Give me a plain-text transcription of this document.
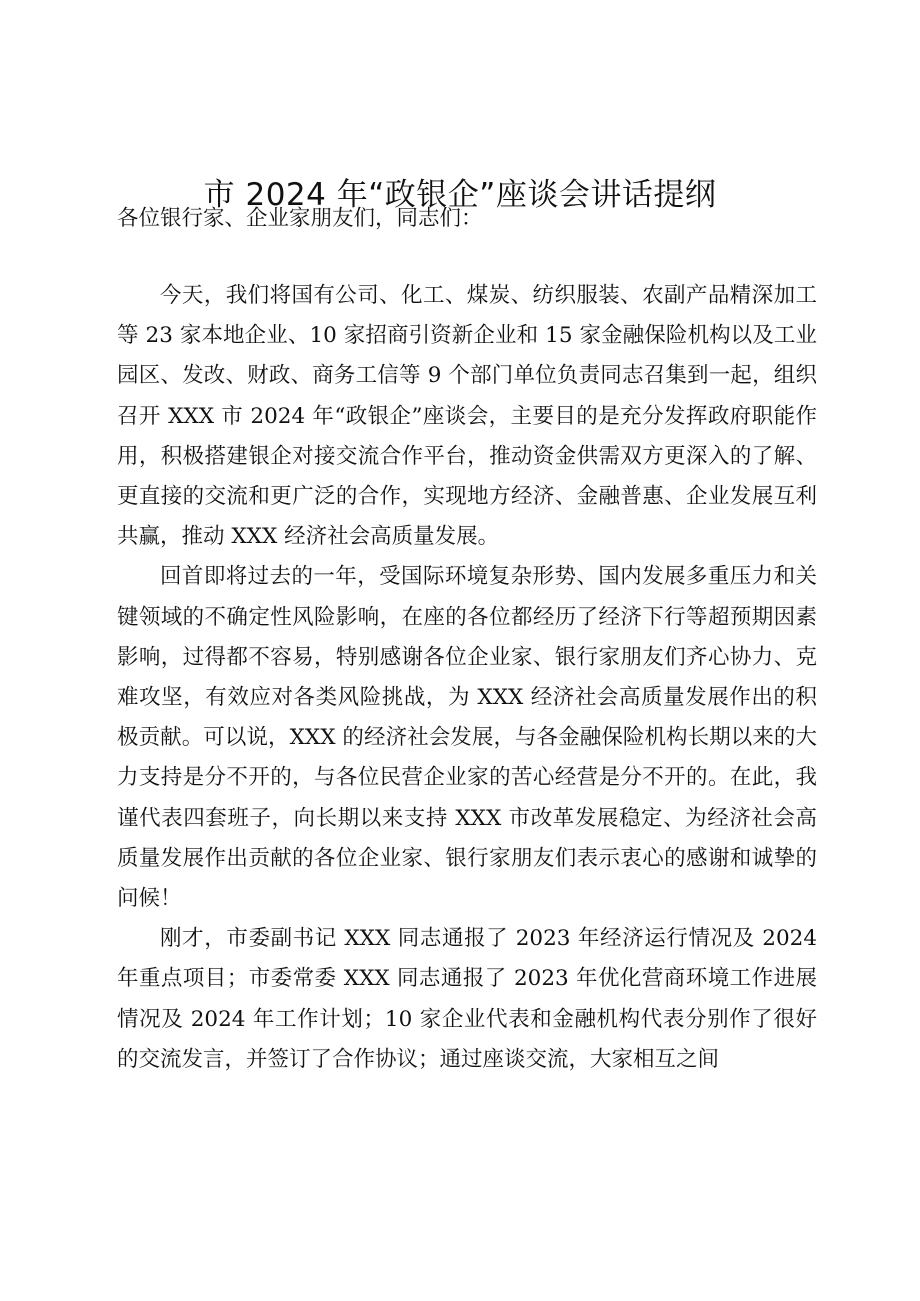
市 2024 年“政银企”座谈会讲话提纲

各位银行家、企业家朋友们，同志们：

今天，我们将国有公司、化工、煤炭、纺织服装、农副产品精深加工等 23 家本地企业、10 家招商引资新企业和 15 家金融保险机构以及工业园区、发改、财政、商务工信等 9 个部门单位负责同志召集到一起，组织召开 XXX 市 2024 年“政银企”座谈会，主要目的是充分发挥政府职能作用，积极搭建银企对接交流合作平台，推动资金供需双方更深入的了解、更直接的交流和更广泛的合作，实现地方经济、金融普惠、企业发展互利共赢，推动 XXX 经济社会高质量发展。

回首即将过去的一年，受国际环境复杂形势、国内发展多重压力和关键领域的不确定性风险影响，在座的各位都经历了经济下行等超预期因素影响，过得都不容易，特别感谢各位企业家、银行家朋友们齐心协力、克难攻坚，有效应对各类风险挑战，为 XXX 经济社会高质量发展作出的积极贡献。可以说，XXX 的经济社会发展，与各金融保险机构长期以来的大力支持是分不开的，与各位民营企业家的苦心经营是分不开的。在此，我谨代表四套班子，向长期以来支持 XXX 市改革发展稳定、为经济社会高质量发展作出贡献的各位企业家、银行家朋友们表示衷心的感谢和诚挚的问候！

刚才，市委副书记 XXX 同志通报了 2023 年经济运行情况及 2024 年重点项目；市委常委 XXX 同志通报了 2023 年优化营商环境工作进展情况及 2024 年工作计划；10 家企业代表和金融机构代表分别作了很好的交流发言，并签订了合作协议；通过座谈交流，大家相互之间
